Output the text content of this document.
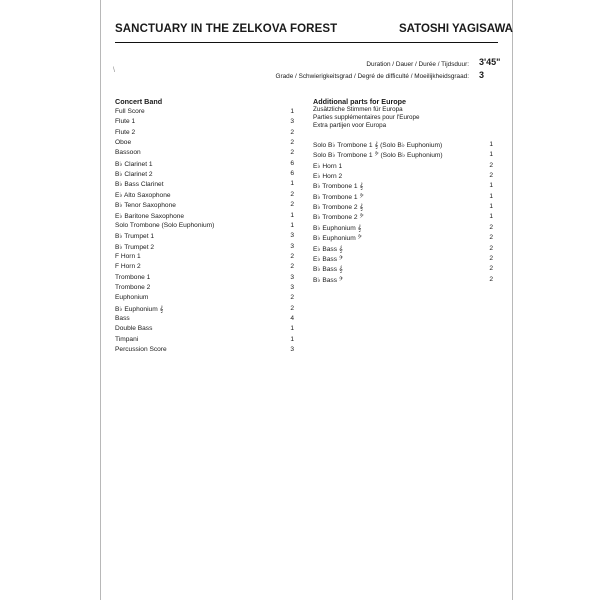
SANCTUARY IN THE ZELKOVA FOREST	SATOSHI YAGISAWA
Duration / Dauer / Durée / Tijdsduur: 3'45"
Grade / Schwierigkeitsgrad / Degré de difficulté / Moeilijkheidsgraad: 3
\
Concert Band
Full Score	1
Flute 1	3
Flute 2	2
Oboe	2
Bassoon	2
B♭ Clarinet 1	6
B♭ Clarinet 2	6
B♭ Bass Clarinet	1
E♭ Alto Saxophone	2
B♭ Tenor Saxophone	2
E♭ Baritone Saxophone	1
Solo Trombone (Solo Euphonium)	1
B♭ Trumpet 1	3
B♭ Trumpet 2	3
F Horn 1	2
F Horn 2	2
Trombone 1	3
Trombone 2	3
Euphonium	2
B♭ Euphonium 𝄞	2
Bass	4
Double Bass	1
Timpani	1
Percussion Score	3
Additional parts for Europe
Zusätzliche Stimmen für Europa
Parties supplémentaires pour l'Europe
Extra partijen voor Europa
Solo B♭ Trombone 1 𝄞 (Solo B♭ Euphonium)	1
Solo B♭ Trombone 1 𝄢 (Solo B♭ Euphonium)	1
E♭ Horn 1	2
E♭ Horn 2	2
B♭ Trombone 1 𝄞	1
B♭ Trombone 1 𝄢	1
B♭ Trombone 2 𝄞	1
B♭ Trombone 2 𝄢	1
B♭ Euphonium 𝄞	2
B♭ Euphonium 𝄢	2
E♭ Bass 𝄞	2
E♭ Bass 𝄢	2
B♭ Bass 𝄞	2
B♭ Bass 𝄢	2
